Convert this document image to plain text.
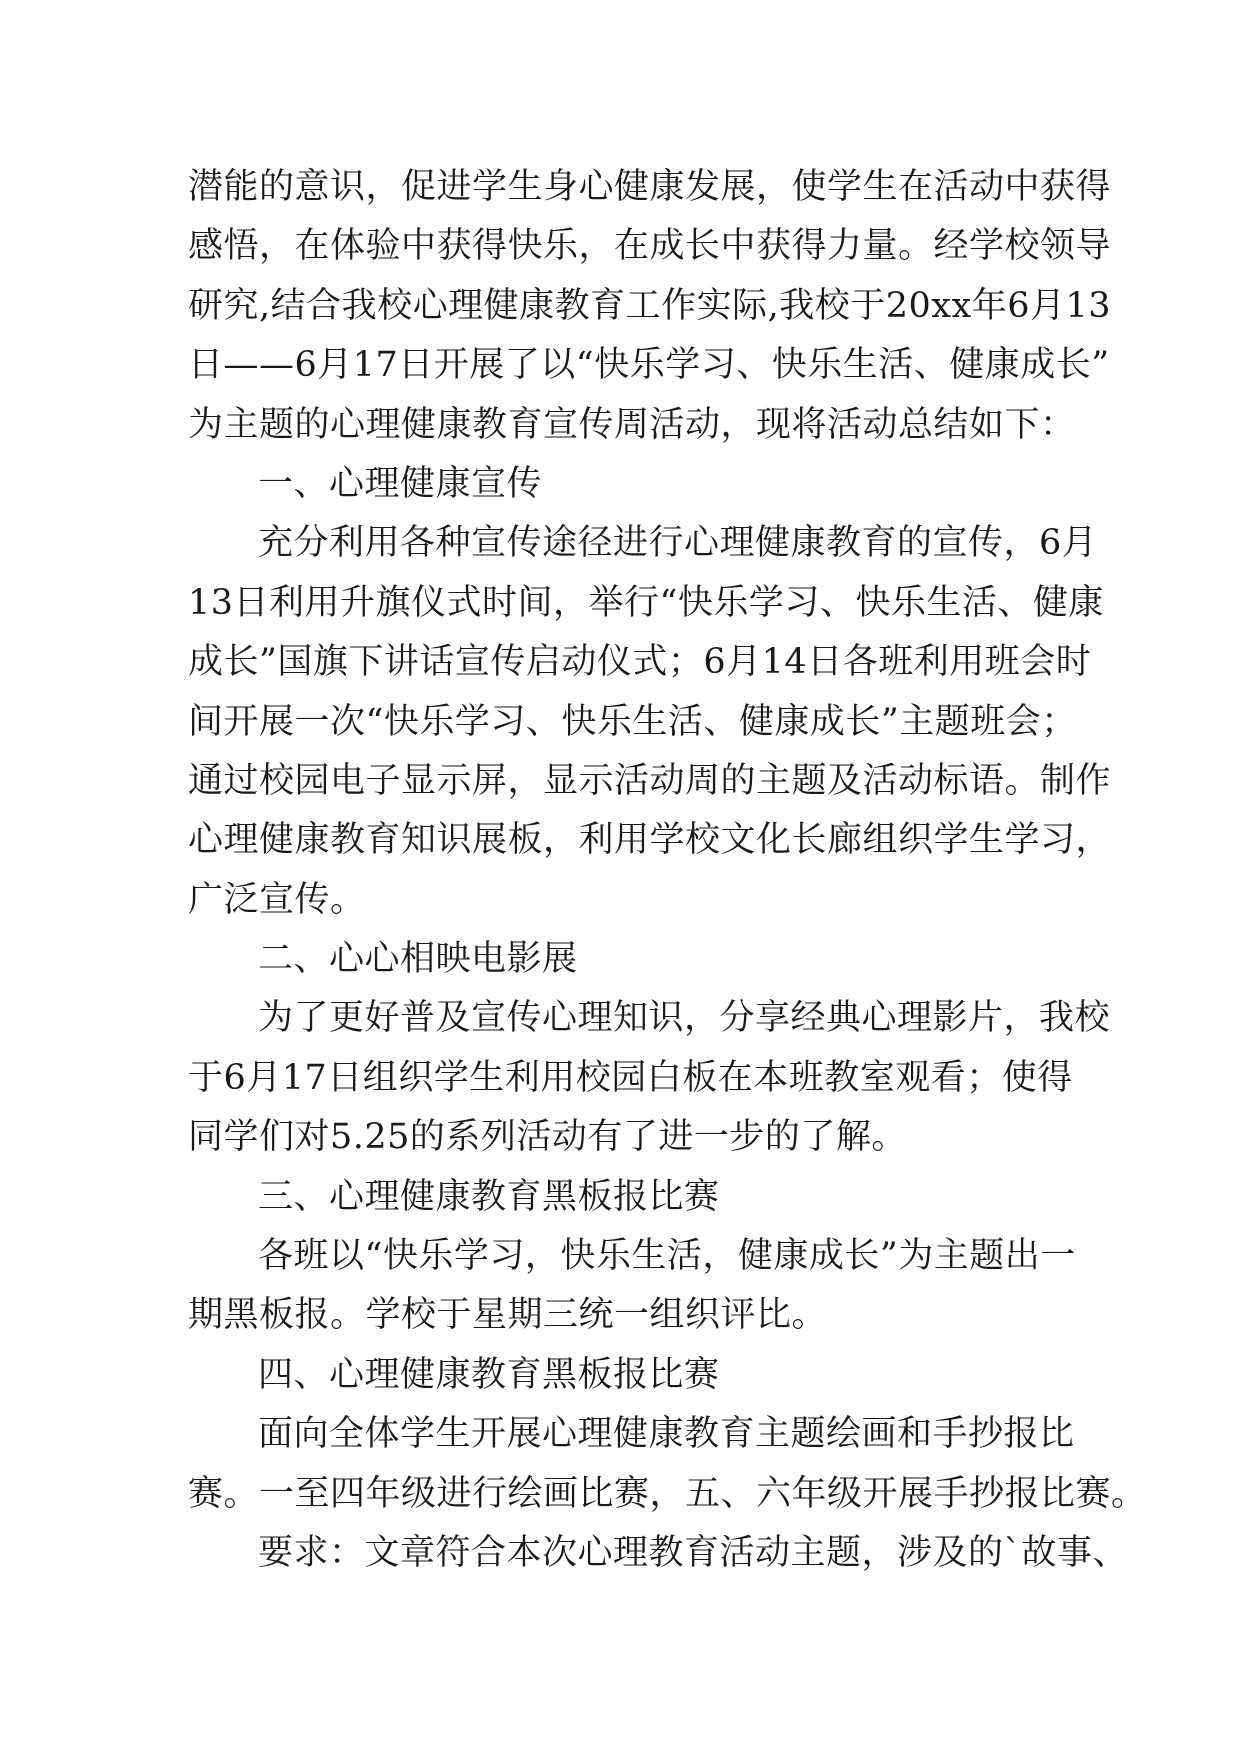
潜能的意识，促进学生身心健康发展，使学生在活动中获得
感悟，在体验中获得快乐，在成长中获得力量。经学校领导
研究,结合我校心理健康教育工作实际,我校于20xx年6月13
日——6月17日开展了以“快乐学习、快乐生活、健康成长”
为主题的心理健康教育宣传周活动，现将活动总结如下：
一、心理健康宣传
充分利用各种宣传途径进行心理健康教育的宣传，6月
13日利用升旗仪式时间，举行“快乐学习、快乐生活、健康
成长”国旗下讲话宣传启动仪式；6月14日各班利用班会时
间开展一次“快乐学习、快乐生活、健康成长”主题班会；
通过校园电子显示屏，显示活动周的主题及活动标语。制作
心理健康教育知识展板，利用学校文化长廊组织学生学习，
广泛宣传。
二、心心相映电影展
为了更好普及宣传心理知识，分享经典心理影片，我校
于6月17日组织学生利用校园白板在本班教室观看；使得
同学们对5.25的系列活动有了进一步的了解。
三、心理健康教育黑板报比赛
各班以“快乐学习，快乐生活，健康成长”为主题出一
期黑板报。学校于星期三统一组织评比。
四、心理健康教育黑板报比赛
面向全体学生开展心理健康教育主题绘画和手抄报比
赛。一至四年级进行绘画比赛，五、六年级开展手抄报比赛。
要求：文章符合本次心理教育活动主题，涉及的`故事、
